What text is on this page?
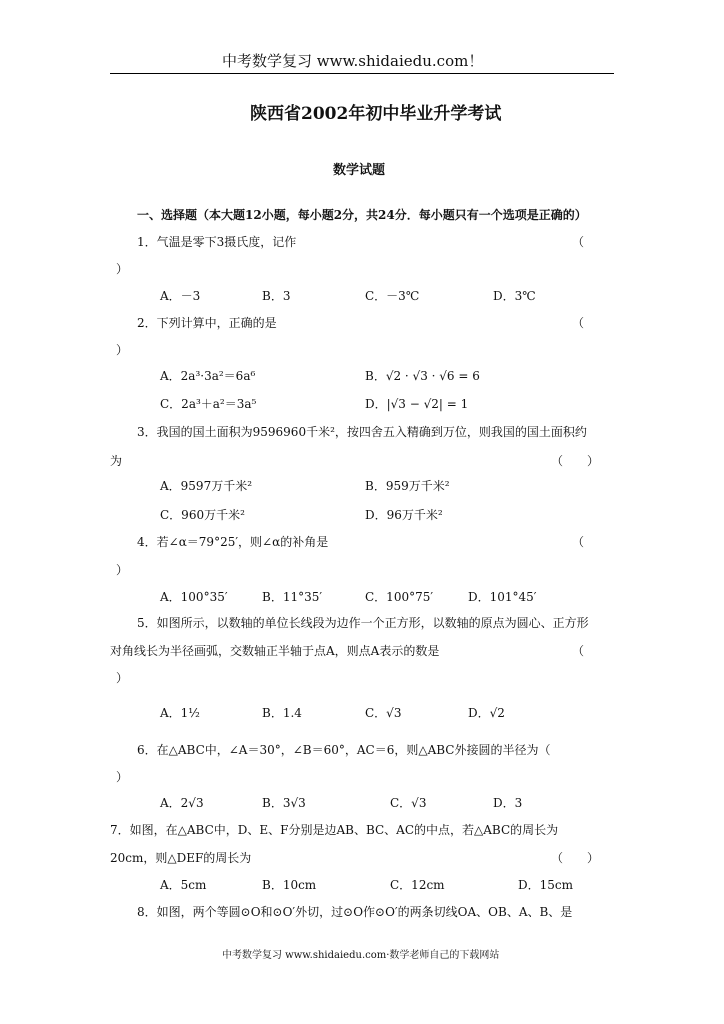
中考数学复习 www.shidaiedu.com！
陕西省2002年初中毕业升学考试
数学试题
一、选择题（本大题12小题，每小题2分，共24分．每小题只有一个选项是正确的）
1．气温是零下3摄氏度，记作	（
）
A．－3	B．3	C．－3℃	D．3℃
2．下列计算中，正确的是	（
）
A．2a³·3a²＝6a⁶	B．√2 · √3 · √6 = 6
C．2a³＋a²＝3a⁵	D．|√3 − √2| = 1
3．我国的国土面积为9596960千米²，按四舍五入精确到万位，则我国的国土面积约
为	（　　）
A．9597万千米²	B．959万千米²
C．960万千米²	D．96万千米²
4．若∠α＝79°25′，则∠α的补角是	（
）
A．100°35′	B．11°35′	C．100°75′	D．101°45′
5．如图所示，以数轴的单位长线段为边作一个正方形，以数轴的原点为圆心、正方形
对角线长为半径画弧，交数轴正半轴于点A，则点A表示的数是	（
）
A．1½	B．1.4	C．√3	D．√2
6．在△ABC中，∠A＝30°，∠B＝60°，AC＝6，则△ABC外接圆的半径为（
）
A．2√3	B．3√3	C．√3	D．3
7．如图，在△ABC中，D、E、F分别是边AB、BC、AC的中点，若△ABC的周长为
20cm，则△DEF的周长为	（　　）
A．5cm	B．10cm	C．12cm	D．15cm
8．如图，两个等圆⊙O和⊙O′外切，过⊙O作⊙O′的两条切线OA、OB、A、B、是
中考数学复习 www.shidaiedu.com·数学老师自己的下载网站
